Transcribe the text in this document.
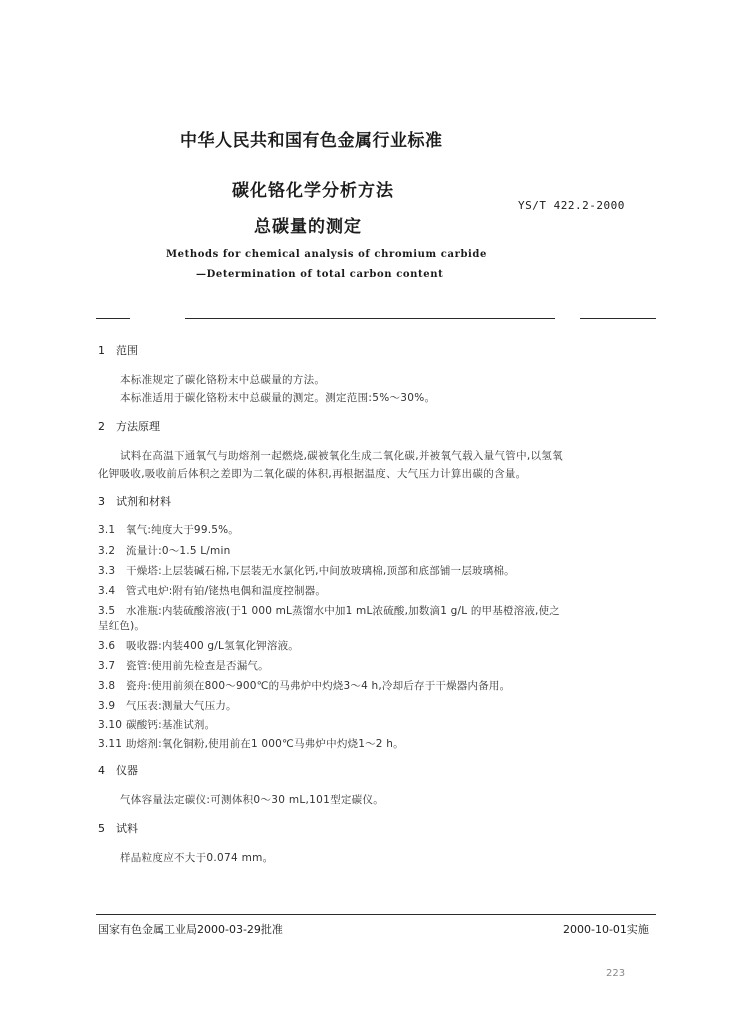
中华人民共和国有色金属行业标准
碳化铬化学分析方法
总碳量的测定
YS/T 422.2-2000
Methods for chemical analysis of chromium carbide
—Determination of total carbon content
1 范围
本标准规定了碳化铬粉末中总碳量的方法。
本标准适用于碳化铬粉末中总碳量的测定。测定范围:5%～30%。
2 方法原理
试料在高温下通氧气与助熔剂一起燃烧,碳被氧化生成二氧化碳,并被氧气载入量气管中,以氢氧
化钾吸收,吸收前后体积之差即为二氧化碳的体积,再根据温度、大气压力计算出碳的含量。
3 试剂和材料
3.1 氧气:纯度大于99.5%。
3.2 流量计:0～1.5 L/min
3.3 干燥塔:上层装碱石棉,下层装无水氯化钙,中间放玻璃棉,顶部和底部铺一层玻璃棉。
3.4 管式电炉:附有铂/铑热电偶和温度控制器。
3.5 水准瓶:内装硫酸溶液(于1 000 mL蒸馏水中加1 mL浓硫酸,加数滴1 g/L 的甲基橙溶液,使之
呈红色)。
3.6 吸收器:内装400 g/L氢氧化钾溶液。
3.7 瓷管:使用前先检查是否漏气。
3.8 瓷舟:使用前须在800～900℃的马弗炉中灼烧3～4 h,冷却后存于干燥器内备用。
3.9 气压表:测量大气压力。
3.10 碳酸钙:基准试剂。
3.11 助熔剂:氧化铜粉,使用前在1 000℃马弗炉中灼烧1～2 h。
4 仪器
气体容量法定碳仪:可测体积0～30 mL,101型定碳仪。
5 试料
样品粒度应不大于0.074 mm。
国家有色金属工业局2000-03-29批准	2000-10-01实施
223
